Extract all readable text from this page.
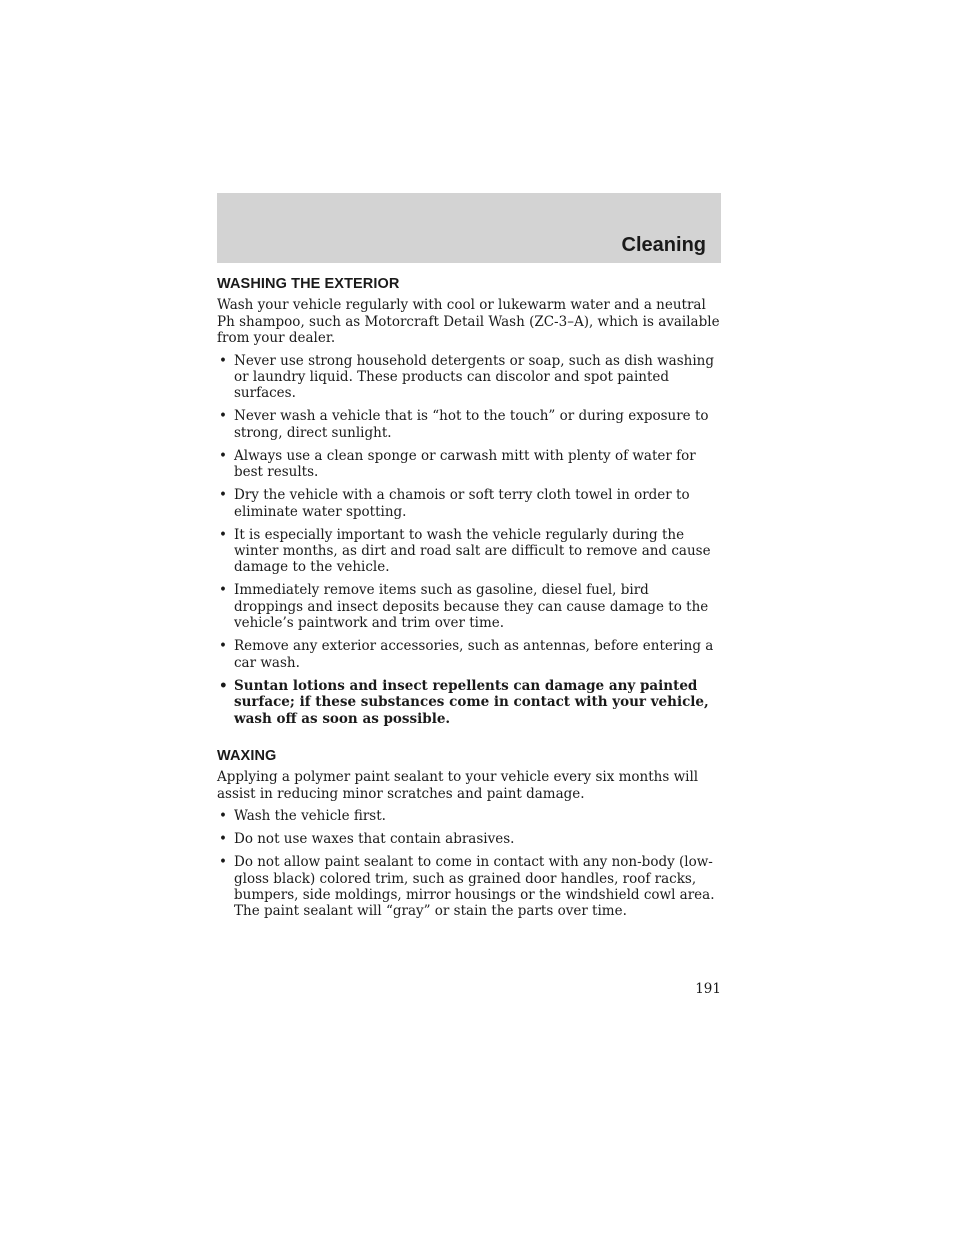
Cleaning
WASHING THE EXTERIOR

Wash your vehicle regularly with cool or lukewarm water and a neutral Ph shampoo, such as Motorcraft Detail Wash (ZC-3–A), which is available from your dealer.

• Never use strong household detergents or soap, such as dish washing or laundry liquid. These products can discolor and spot painted surfaces.
• Never wash a vehicle that is “hot to the touch” or during exposure to strong, direct sunlight.
• Always use a clean sponge or carwash mitt with plenty of water for best results.
• Dry the vehicle with a chamois or soft terry cloth towel in order to eliminate water spotting.
• It is especially important to wash the vehicle regularly during the winter months, as dirt and road salt are difficult to remove and cause damage to the vehicle.
• Immediately remove items such as gasoline, diesel fuel, bird droppings and insect deposits because they can cause damage to the vehicle’s paintwork and trim over time.
• Remove any exterior accessories, such as antennas, before entering a car wash.
• Suntan lotions and insect repellents can damage any painted surface; if these substances come in contact with your vehicle, wash off as soon as possible.
WAXING

Applying a polymer paint sealant to your vehicle every six months will assist in reducing minor scratches and paint damage.

• Wash the vehicle first.
• Do not use waxes that contain abrasives.
• Do not allow paint sealant to come in contact with any non-body (low-gloss black) colored trim, such as grained door handles, roof racks, bumpers, side moldings, mirror housings or the windshield cowl area. The paint sealant will “gray” or stain the parts over time.
191
